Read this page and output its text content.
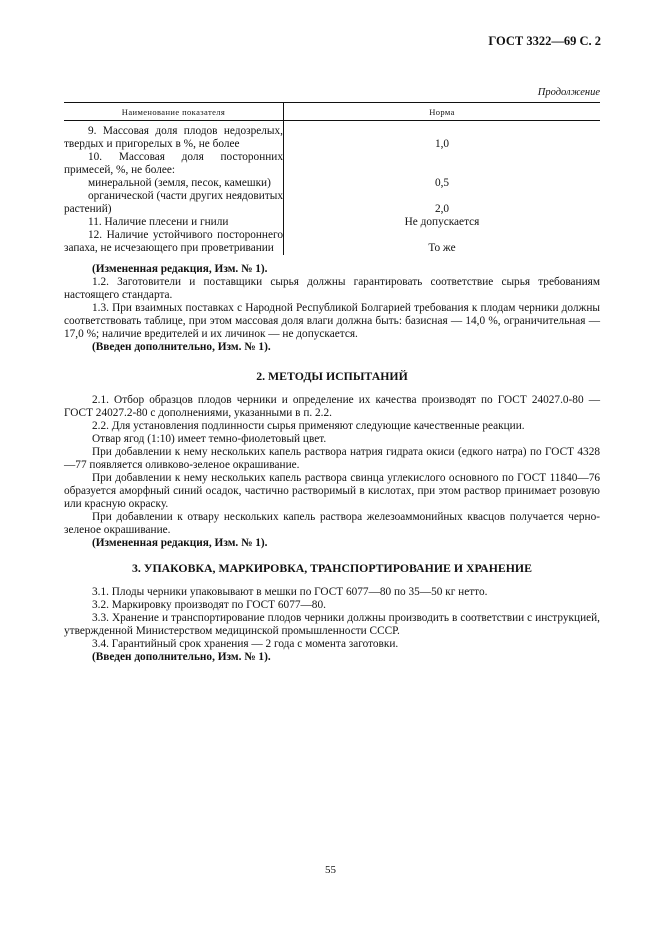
ГОСТ 3322—69 С. 2
Продолжение
Наименование показателя	Норма

9. Массовая доля плодов недозрелых, твердых и пригорелых в %, не более	1,0

10. Массовая доля посторонних примесей, %, не более:	

минеральной (земля, песок, камешки)	0,5

органической (части других неядовитых растений)	2,0

11. Наличие плесени и гнили	Не допускается

12. Наличие устойчивого постороннего запаха, не исчезающего при проветривании	То же

(Измененная редакция, Изм. № 1).

1.2. Заготовители и поставщики сырья должны гарантировать соответствие сырья требованиям настоящего стандарта.

1.3. При взаимных поставках с Народной Республикой Болгарией требования к плодам черники должны соответствовать таблице, при этом массовая доля влаги должна быть: базисная — 14,0 %, ограничительная — 17,0 %; наличие вредителей и их личинок — не допускается.

(Введен дополнительно, Изм. № 1).

2. МЕТОДЫ ИСПЫТАНИЙ

2.1. Отбор образцов плодов черники и определение их качества производят по ГОСТ 24027.0-80 — ГОСТ 24027.2-80 с дополнениями, указанными в п. 2.2.

2.2. Для установления подлинности сырья применяют следующие качественные реакции.

Отвар ягод (1:10) имеет темно-фиолетовый цвет.

При добавлении к нему нескольких капель раствора натрия гидрата окиси (едкого натра) по ГОСТ 4328—77 появляется оливково-зеленое окрашивание.

При добавлении к нему нескольких капель раствора свинца углекислого основного по ГОСТ 11840—76 образуется аморфный синий осадок, частично растворимый в кислотах, при этом раствор принимает розовую или красную окраску.

При добавлении к отвару нескольких капель раствора железоаммонийных квасцов получается черно-зеленое окрашивание.

(Измененная редакция, Изм. № 1).

3. УПАКОВКА, МАРКИРОВКА, ТРАНСПОРТИРОВАНИЕ И ХРАНЕНИЕ

3.1. Плоды черники упаковывают в мешки по ГОСТ 6077—80 по 35—50 кг нетто.

3.2. Маркировку производят по ГОСТ 6077—80.

3.3. Хранение и транспортирование плодов черники должны производить в соответствии с инструкцией, утвержденной Министерством медицинской промышленности СССР.

3.4. Гарантийный срок хранения — 2 года с момента заготовки.

(Введен дополнительно, Изм. № 1).

55
